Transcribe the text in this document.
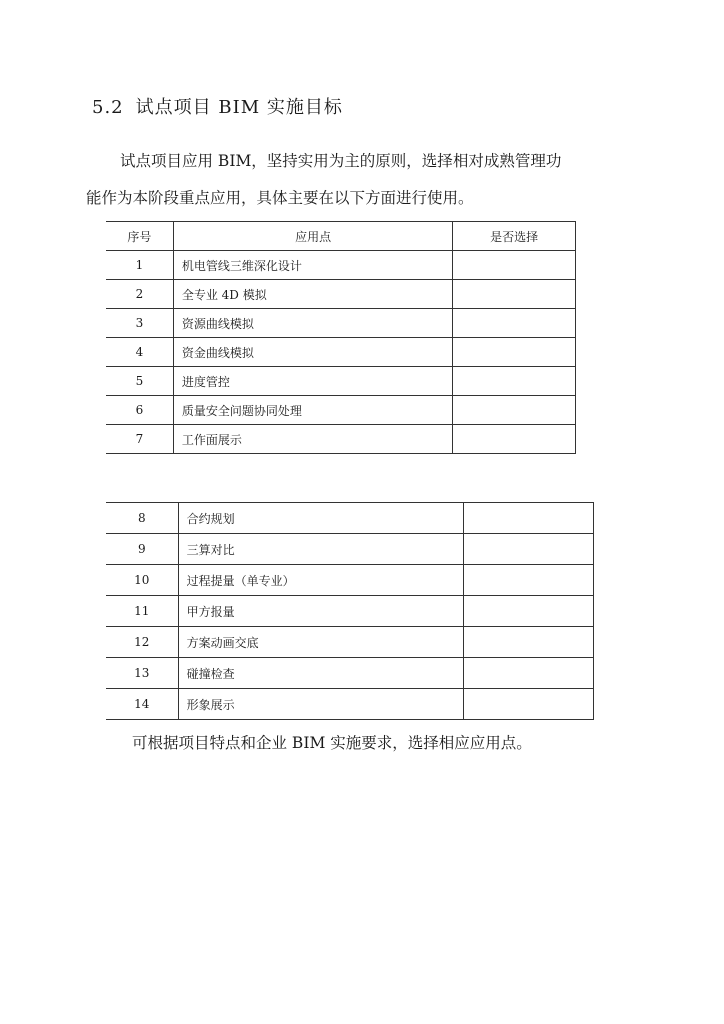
5.2 试点项目 BIM 实施目标
试点项目应用 BIM，坚持实用为主的原则，选择相对成熟管理功
能作为本阶段重点应用，具体主要在以下方面进行使用。
序号	应用点	是否选择
1	机电管线三维深化设计	
2	全专业 4D 模拟	
3	资源曲线模拟	
4	资金曲线模拟	
5	进度管控	
6	质量安全问题协同处理	
7	工作面展示	
8	合约规划	
9	三算对比	
10	过程提量（单专业）	
11	甲方报量	
12	方案动画交底	
13	碰撞检查	
14	形象展示	
可根据项目特点和企业 BIM 实施要求，选择相应应用点。
